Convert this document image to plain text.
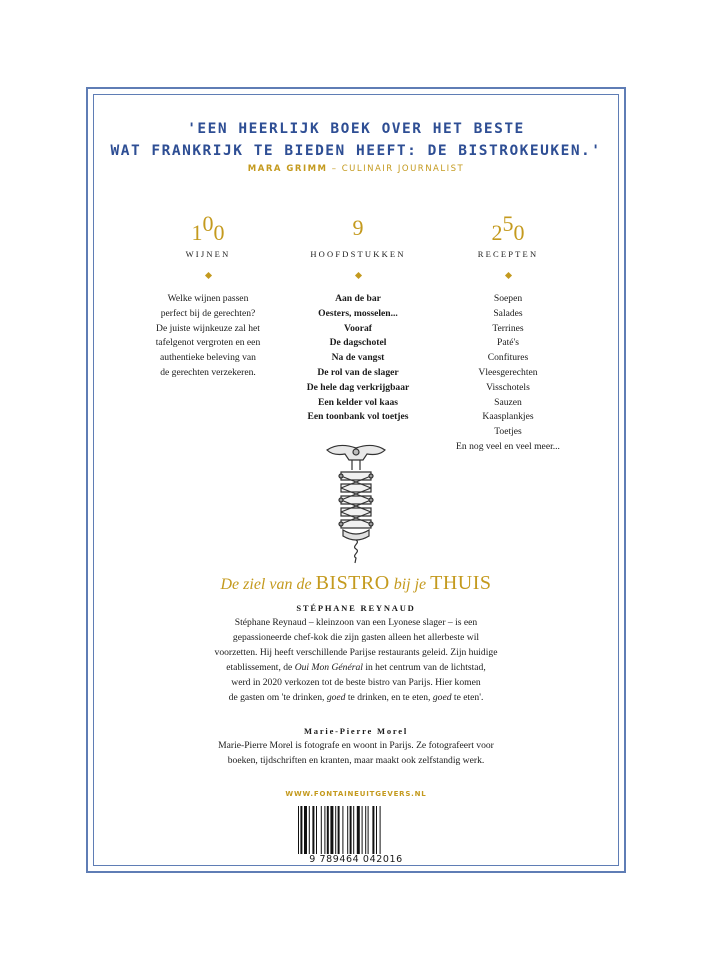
'EEN HEERLIJK BOEK OVER HET BESTE
WAT FRANKRIJK TE BIEDEN HEEFT: DE BISTROKEUKEN.'
MARA GRIMM – CULINAIR JOURNALIST
100
WIJNEN
Welke wijnen passen
perfect bij de gerechten?
De juiste wijnkeuze zal het
tafelgenot vergroten en een
authentieke beleving van
de gerechten verzekeren.
9
HOOFDSTUKKEN
Aan de bar
Oesters, mosselen...
Vooraf
De dagschotel
Na de vangst
De rol van de slager
De hele dag verkrijgbaar
Een kelder vol kaas
Een toonbank vol toetjes
250
RECEPTEN
Soepen
Salades
Terrines
Paté's
Confitures
Vleesgerechten
Visschotels
Sauzen
Kaasplankjes
Toetjes
En nog veel en veel meer...
De ziel van de BISTRO bij je THUIS
STÉPHANE REYNAUD
Stéphane Reynaud – kleinzoon van een Lyonese slager – is een
gepassioneerde chef-kok die zijn gasten alleen het allerbeste wil
voorzetten. Hij heeft verschillende Parijse restaurants geleid. Zijn huidige
etablissement, de Oui Mon Général in het centrum van de lichtstad,
werd in 2020 verkozen tot de beste bistro van Parijs. Hier komen
de gasten om 'te drinken, goed te drinken, en te eten, goed te eten'.
Marie-Pierre Morel
Marie-Pierre Morel is fotografe en woont in Parijs. Ze fotografeert voor
boeken, tijdschriften en kranten, maar maakt ook zelfstandig werk.
WWW.FONTAINEUITGEVERS.NL
9 789464 042016
